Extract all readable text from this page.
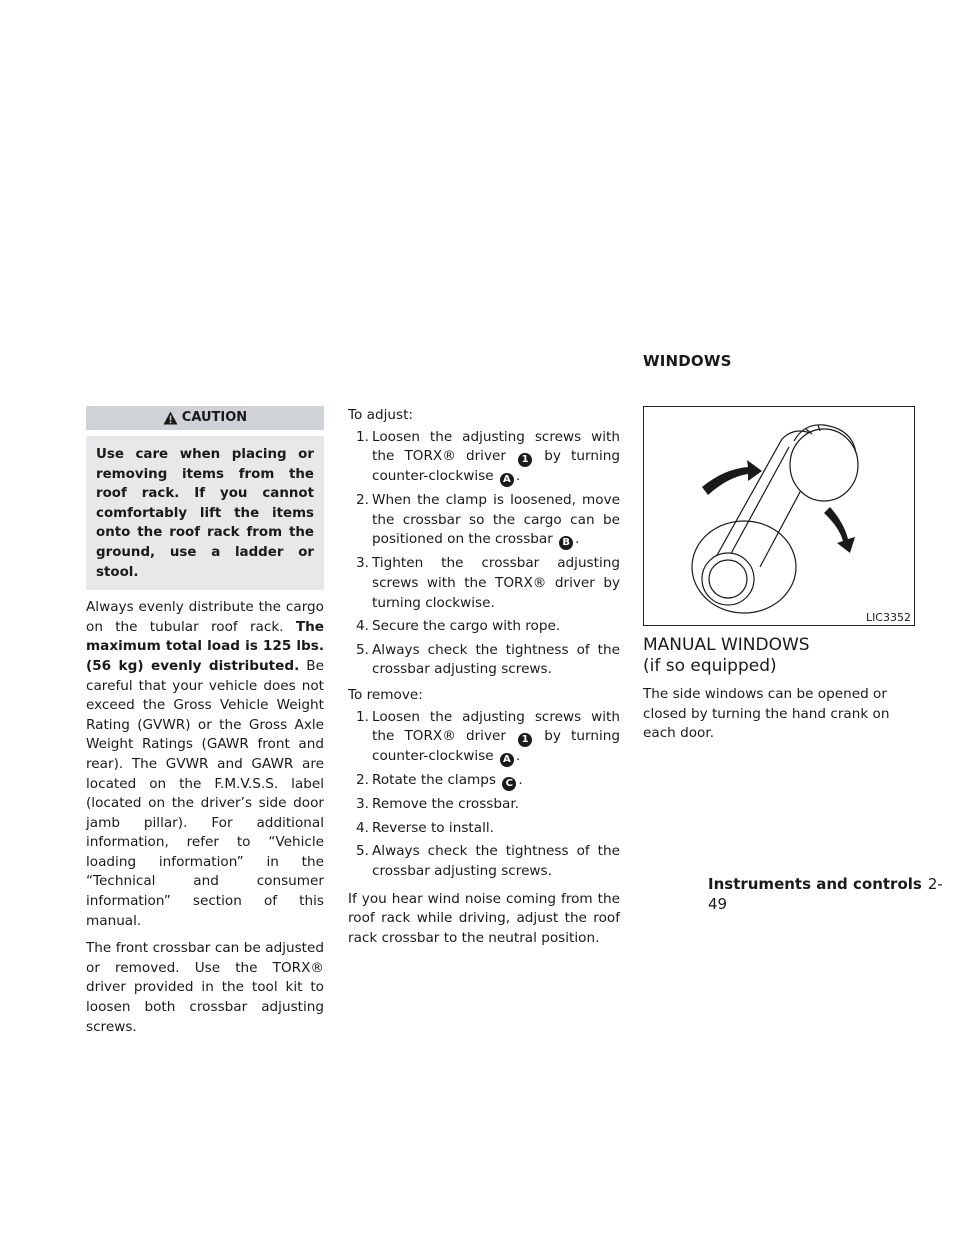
CAUTION
Use care when placing or removing items from the roof rack. If you cannot comfortably lift the items onto the roof rack from the ground, use a ladder or stool.

Always evenly distribute the cargo on the tubular roof rack. The maximum total load is 125 lbs. (56 kg) evenly distributed. Be careful that your vehicle does not exceed the Gross Vehicle Weight Rating (GVWR) or the Gross Axle Weight Ratings (GAWR front and rear). The GVWR and GAWR are located on the F.M.V.S.S. label (located on the driver’s side door jamb pillar). For additional information, refer to “Vehicle loading information” in the “Technical and consumer information” section of this manual.

The front crossbar can be adjusted or removed. Use the TORX® driver provided in the tool kit to loosen both crossbar adjusting screws.

To adjust:

1. Loosen the adjusting screws with the TORX® driver 1 by turning counter-clockwise A .
2. When the clamp is loosened, move the crossbar so the cargo can be positioned on the crossbar B .
3. Tighten the crossbar adjusting screws with the TORX® driver by turning clockwise.
4. Secure the cargo with rope.
5. Always check the tightness of the crossbar adjusting screws.

To remove:

1. Loosen the adjusting screws with the TORX® driver 1 by turning counter-clockwise A .
2. Rotate the clamps C .
3. Remove the crossbar.
4. Reverse to install.
5. Always check the tightness of the crossbar adjusting screws.

If you hear wind noise coming from the roof rack while driving, adjust the roof rack crossbar to the neutral position.

WINDOWS
LIC3352
MANUAL WINDOWS
(if so equipped)

The side windows can be opened or closed by turning the hand crank on each door.

Instruments and controls 2-49
